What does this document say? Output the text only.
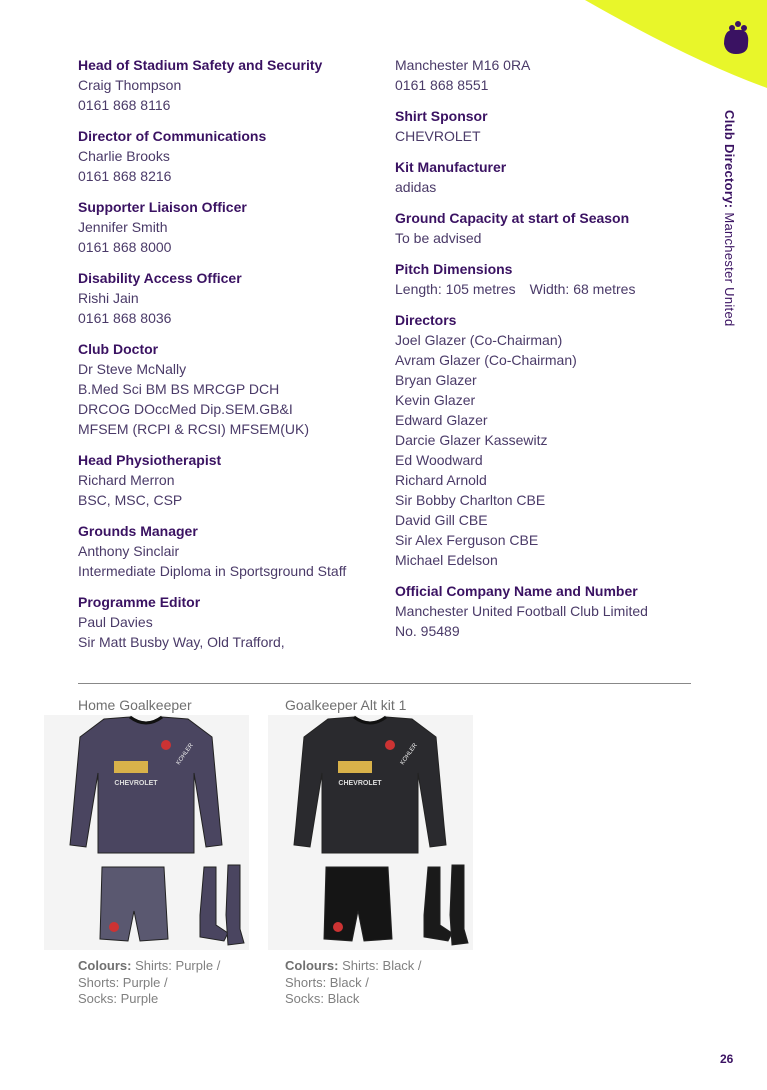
Club Directory: Manchester United
Head of Stadium Safety and Security
Craig Thompson
0161 868 8116
Director of Communications
Charlie Brooks
0161 868 8216
Supporter Liaison Officer
Jennifer Smith
0161 868 8000
Disability Access Officer
Rishi Jain
0161 868 8036
Club Doctor
Dr Steve McNally
B.Med Sci BM BS MRCGP DCH
DRCOG DOccMed Dip.SEM.GB&I
MFSEM (RCPI & RCSI) MFSEM(UK)
Head Physiotherapist
Richard Merron
BSC, MSC, CSP
Grounds Manager
Anthony Sinclair
Intermediate Diploma in Sportsground Staff
Programme Editor
Paul Davies
Sir Matt Busby Way, Old Trafford,
Manchester M16 0RA
0161 868 8551
Shirt Sponsor
CHEVROLET
Kit Manufacturer
adidas
Ground Capacity at start of Season
To be advised
Pitch Dimensions
Length: 105 metres Width: 68 metres
Directors
Joel Glazer (Co-Chairman)
Avram Glazer (Co-Chairman)
Bryan Glazer
Kevin Glazer
Edward Glazer
Darcie Glazer Kassewitz
Ed Woodward
Richard Arnold
Sir Bobby Charlton CBE
David Gill CBE
Sir Alex Ferguson CBE
Michael Edelson
Official Company Name and Number
Manchester United Football Club Limited
No. 95489
Home Goalkeeper	Goalkeeper Alt kit 1
CHEVROLET
KOHLER
CHEVROLET
KOHLER
Colours: Shirts: Purple /
Shorts: Purple /
Socks: Purple
Colours: Shirts: Black /
Shorts: Black /
Socks: Black
26
